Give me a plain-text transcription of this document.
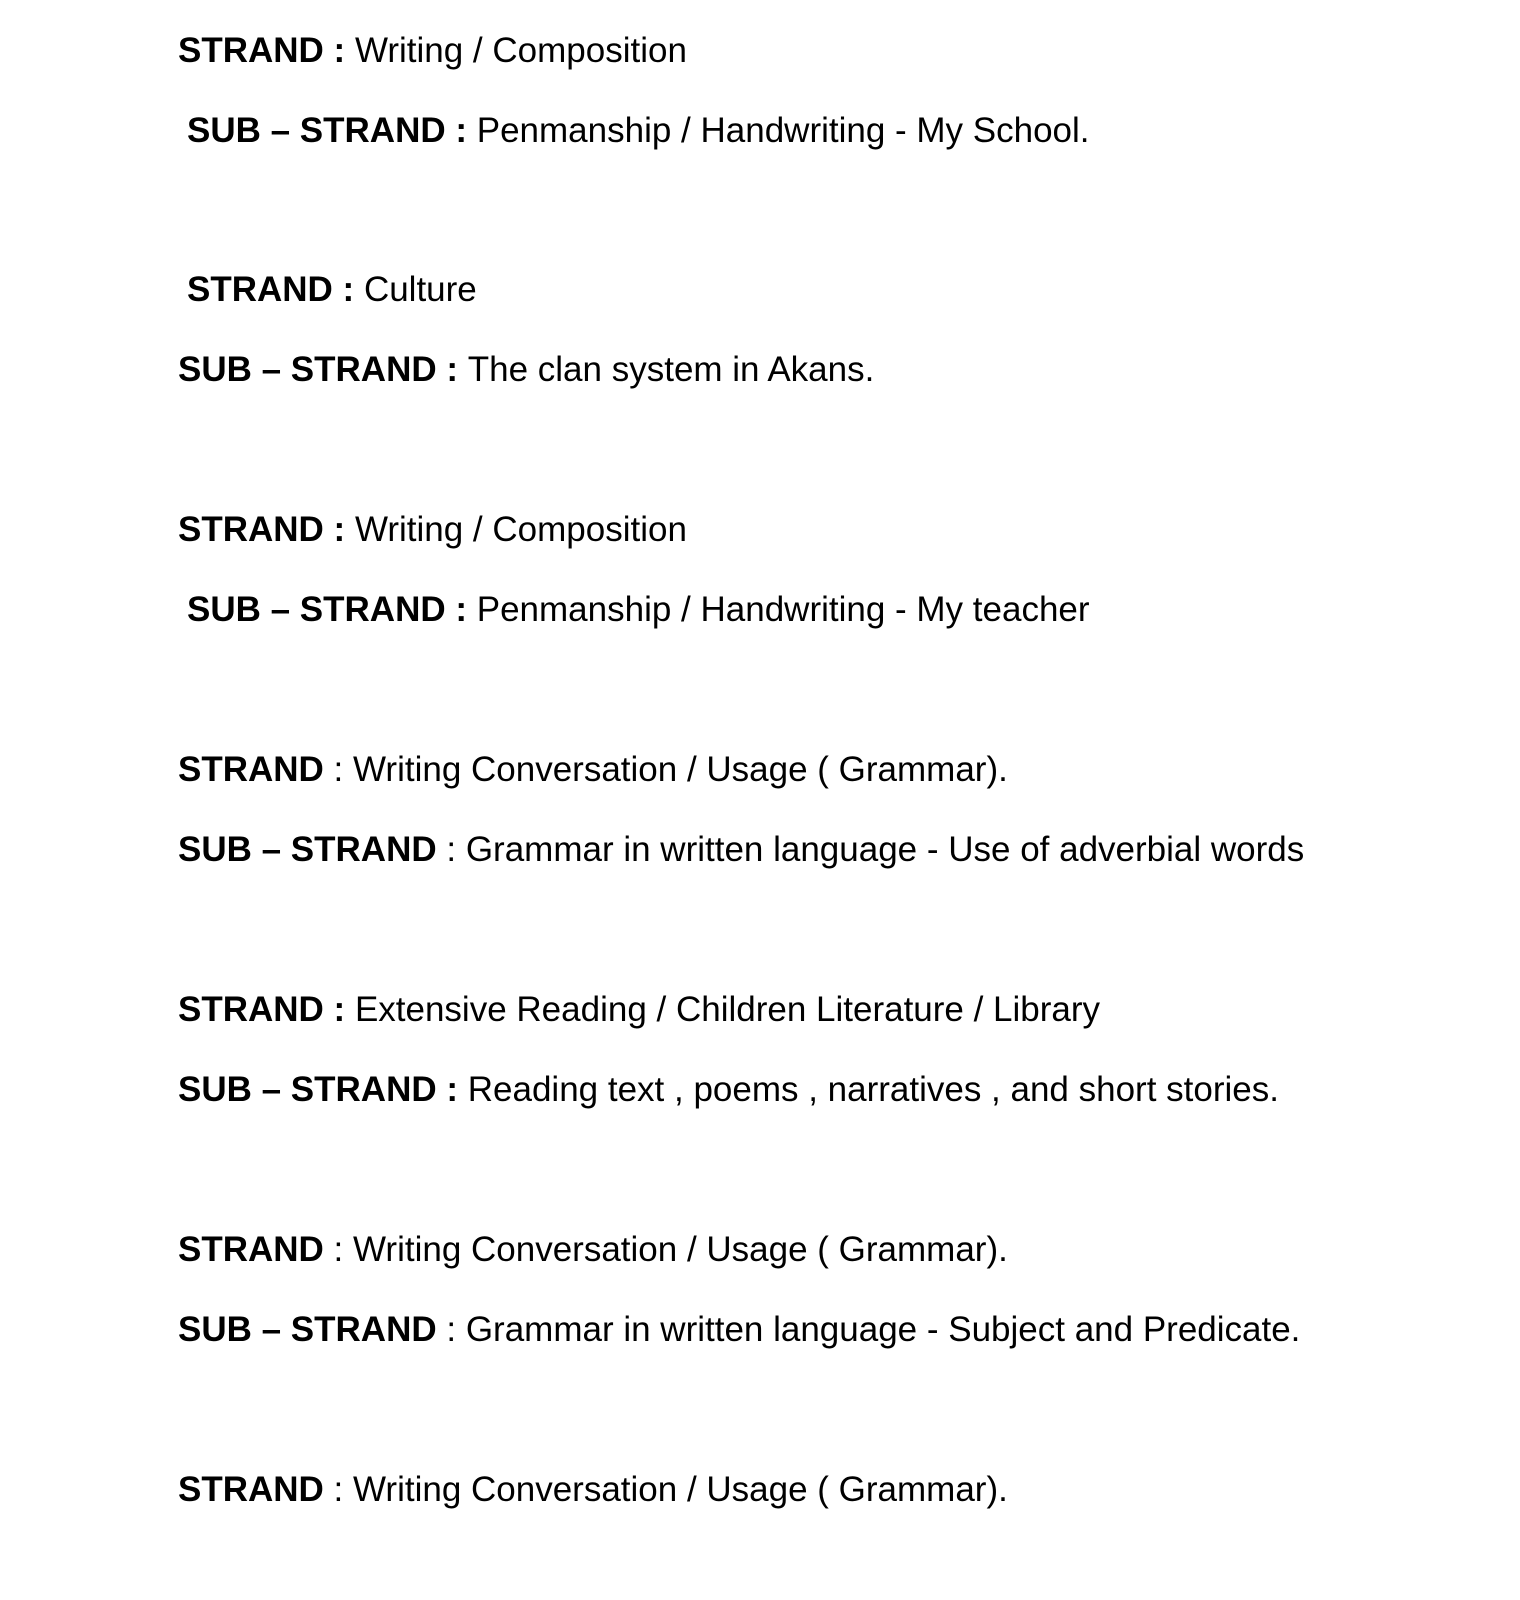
STRAND : Writing / Composition
SUB – STRAND : Penmanship / Handwriting - My School.
STRAND : Culture
SUB – STRAND : The clan system in Akans.
STRAND : Writing / Composition
SUB – STRAND : Penmanship / Handwriting - My teacher
STRAND : Writing Conversation / Usage ( Grammar).
SUB – STRAND : Grammar in written language - Use of adverbial words
STRAND : Extensive Reading / Children Literature / Library
SUB – STRAND : Reading text , poems , narratives , and short stories.
STRAND : Writing Conversation / Usage ( Grammar).
SUB – STRAND : Grammar in written language - Subject and Predicate.
STRAND : Writing Conversation / Usage ( Grammar).
